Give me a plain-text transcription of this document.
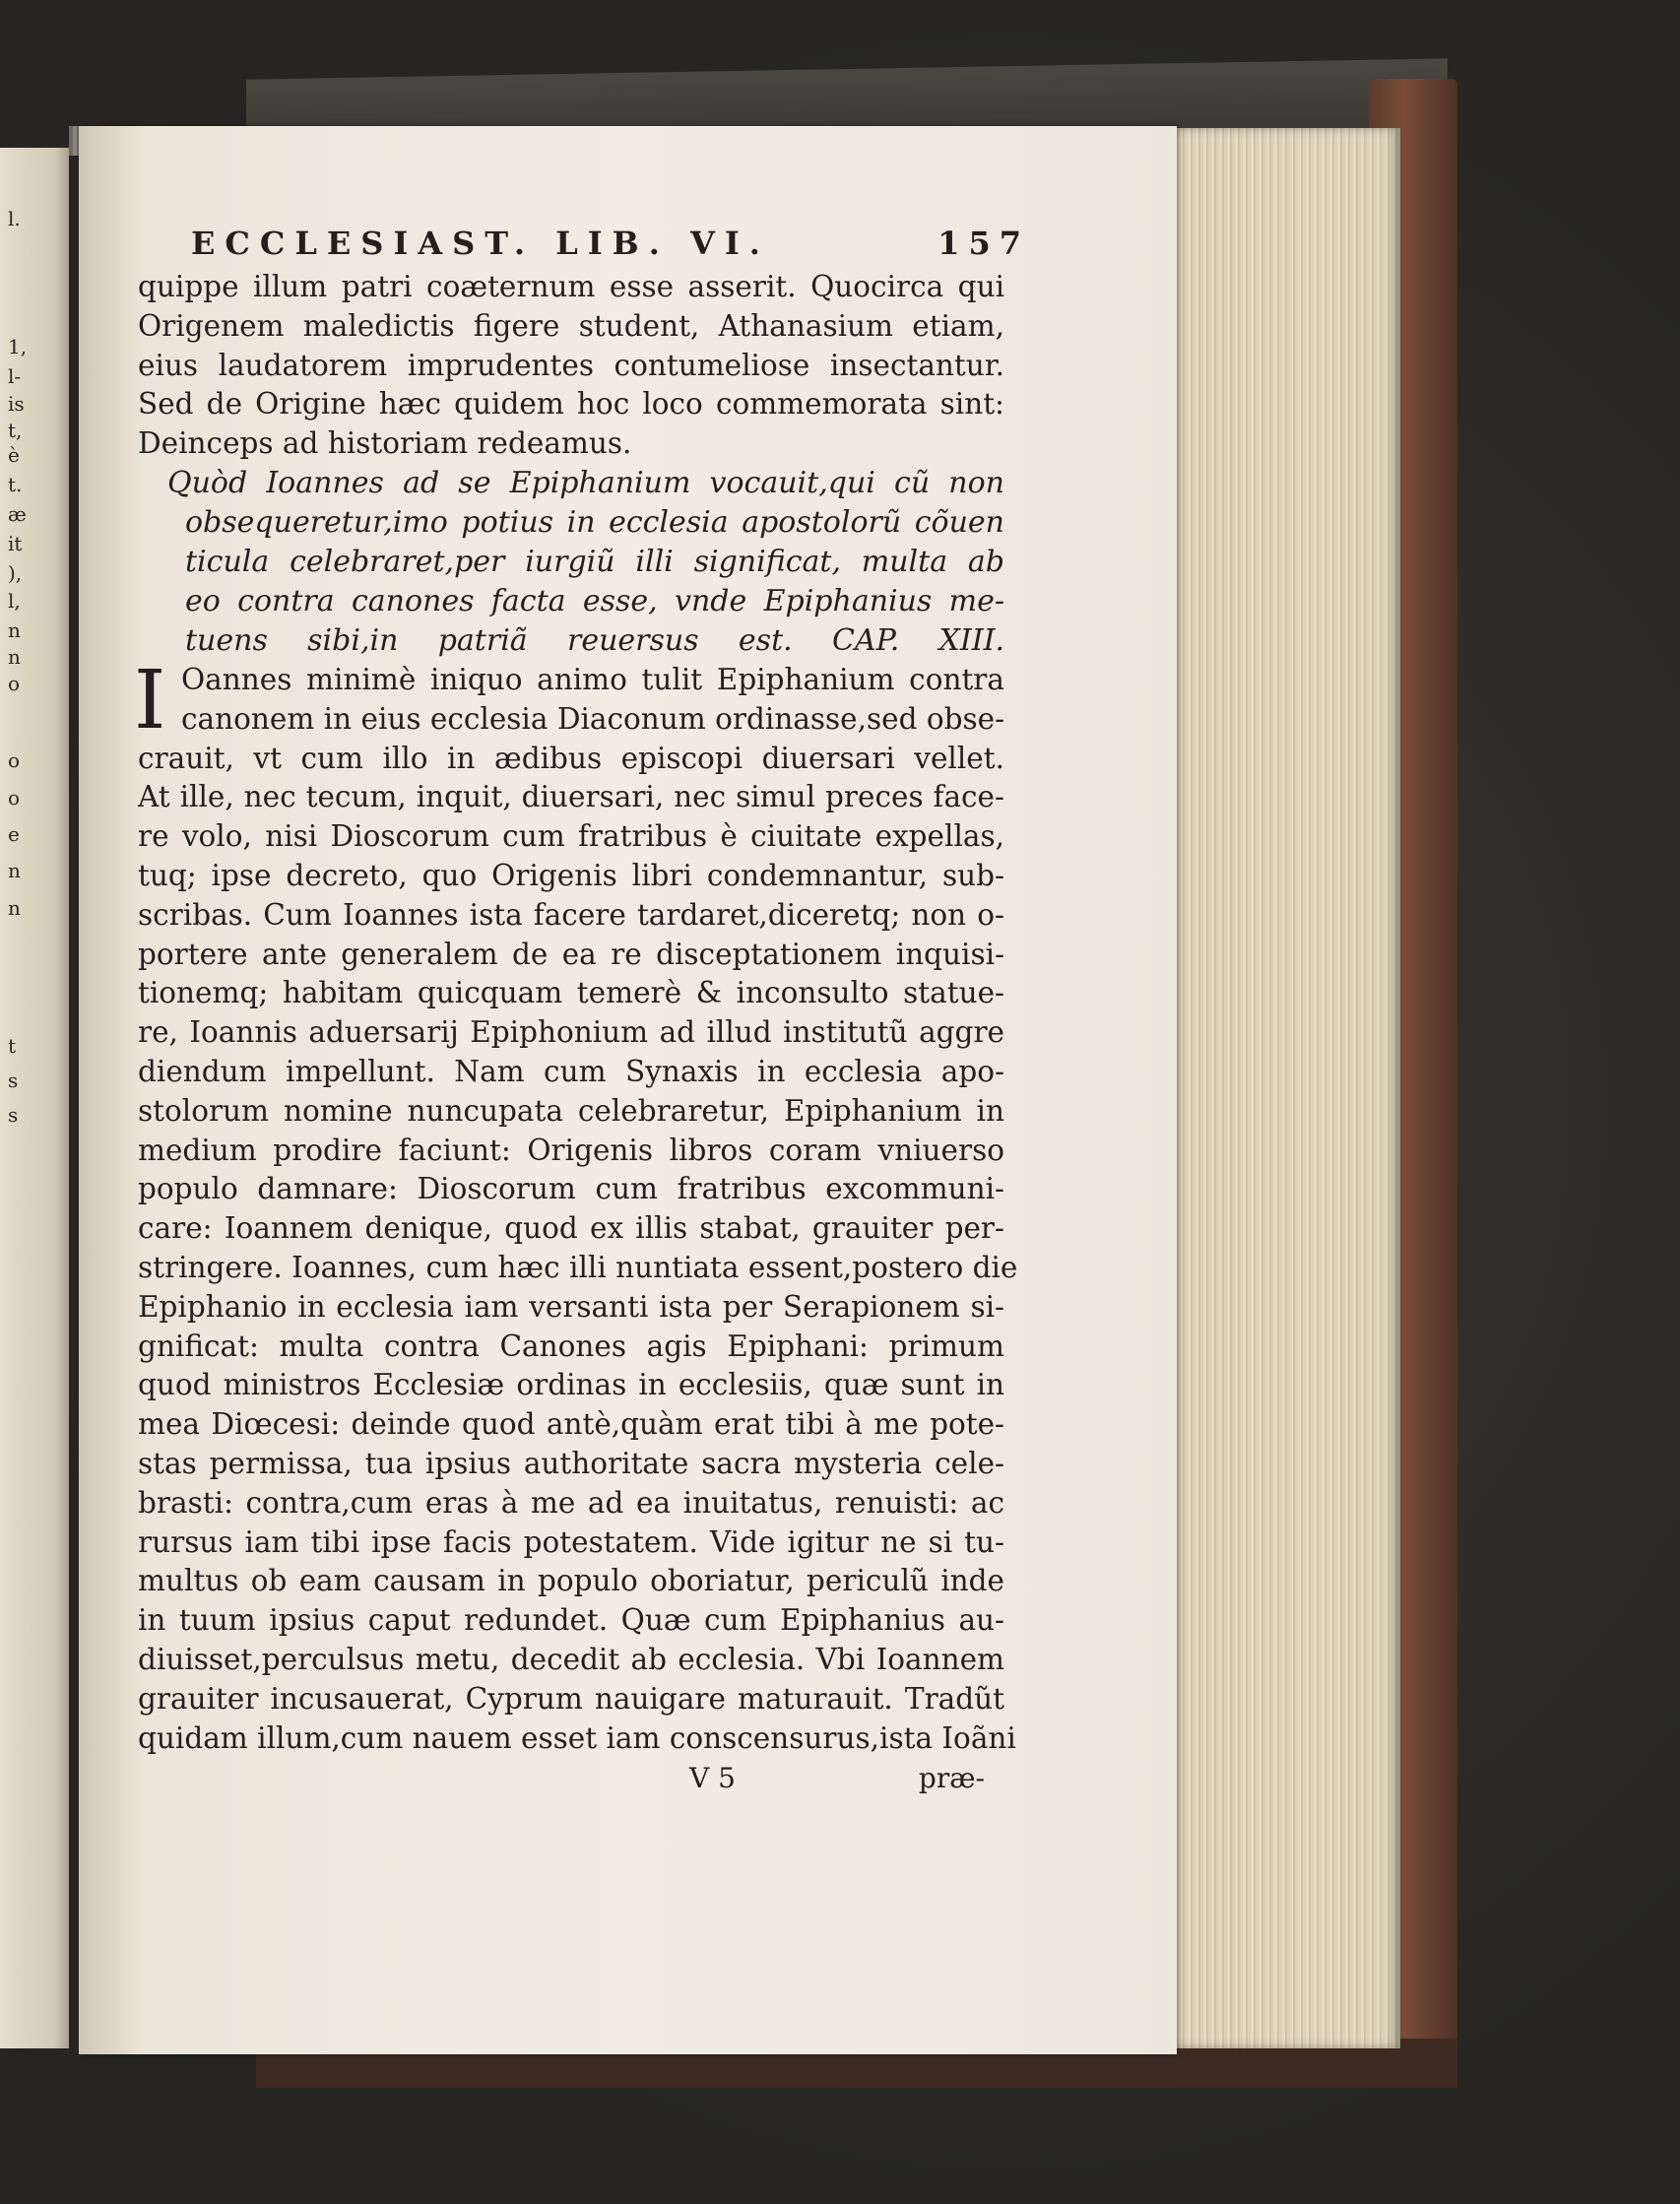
l.
1,
l-
is
t,
è
t.
æ
it
),
l,
n
n
o
o
o
e
n
n
t
s
s
ECCLESIAST. LIB. VI.	157
quippe illum patri coæternum esse asserit. Quocirca qui
Origenem maledictis figere student, Athanasium etiam,
eius laudatorem imprudentes contumeliose insectantur.
Sed de Origine hæc quidem hoc loco commemorata sint:
Deinceps ad historiam redeamus.
Quòd Ioannes ad se Epiphanium vocauit,qui cũ non
obsequeretur,imo potius in ecclesia apostolorũ cõuen
ticula celebraret,per iurgiũ illi significat, multa ab
eo contra canones facta esse, vnde Epiphanius me-
tuens sibi,in patriã reuersus est. CAP. XIII.
I Oannes minimè iniquo animo tulit Epiphanium contra
canonem in eius ecclesia Diaconum ordinasse,sed obse-
crauit, vt cum illo in ædibus episcopi diuersari vellet.
At ille, nec tecum, inquit, diuersari, nec simul preces face-
re volo, nisi Dioscorum cum fratribus è ciuitate expellas,
tuq; ipse decreto, quo Origenis libri condemnantur, sub-
scribas. Cum Ioannes ista facere tardaret,diceretq; non o-
portere ante generalem de ea re disceptationem inquisi-
tionemq; habitam quicquam temerè & inconsulto statue-
re, Ioannis aduersarij Epiphonium ad illud institutũ aggre
diendum impellunt. Nam cum Synaxis in ecclesia apo-
stolorum nomine nuncupata celebraretur, Epiphanium in
medium prodire faciunt: Origenis libros coram vniuerso
populo damnare: Dioscorum cum fratribus excommuni-
care: Ioannem denique, quod ex illis stabat, grauiter per-
stringere. Ioannes, cum hæc illi nuntiata essent,postero die
Epiphanio in ecclesia iam versanti ista per Serapionem si-
gnificat: multa contra Canones agis Epiphani: primum
quod ministros Ecclesiæ ordinas in ecclesiis, quæ sunt in
mea Diœcesi: deinde quod antè,quàm erat tibi à me pote-
stas permissa, tua ipsius authoritate sacra mysteria cele-
brasti: contra,cum eras à me ad ea inuitatus, renuisti: ac
rursus iam tibi ipse facis potestatem. Vide igitur ne si tu-
multus ob eam causam in populo oboriatur, periculũ inde
in tuum ipsius caput redundet. Quæ cum Epiphanius au-
diuisset,perculsus metu, decedit ab ecclesia. Vbi Ioannem
grauiter incusauerat, Cyprum nauigare maturauit. Tradũt
quidam illum,cum nauem esset iam conscensurus,ista Ioãni
V 5	præ-
